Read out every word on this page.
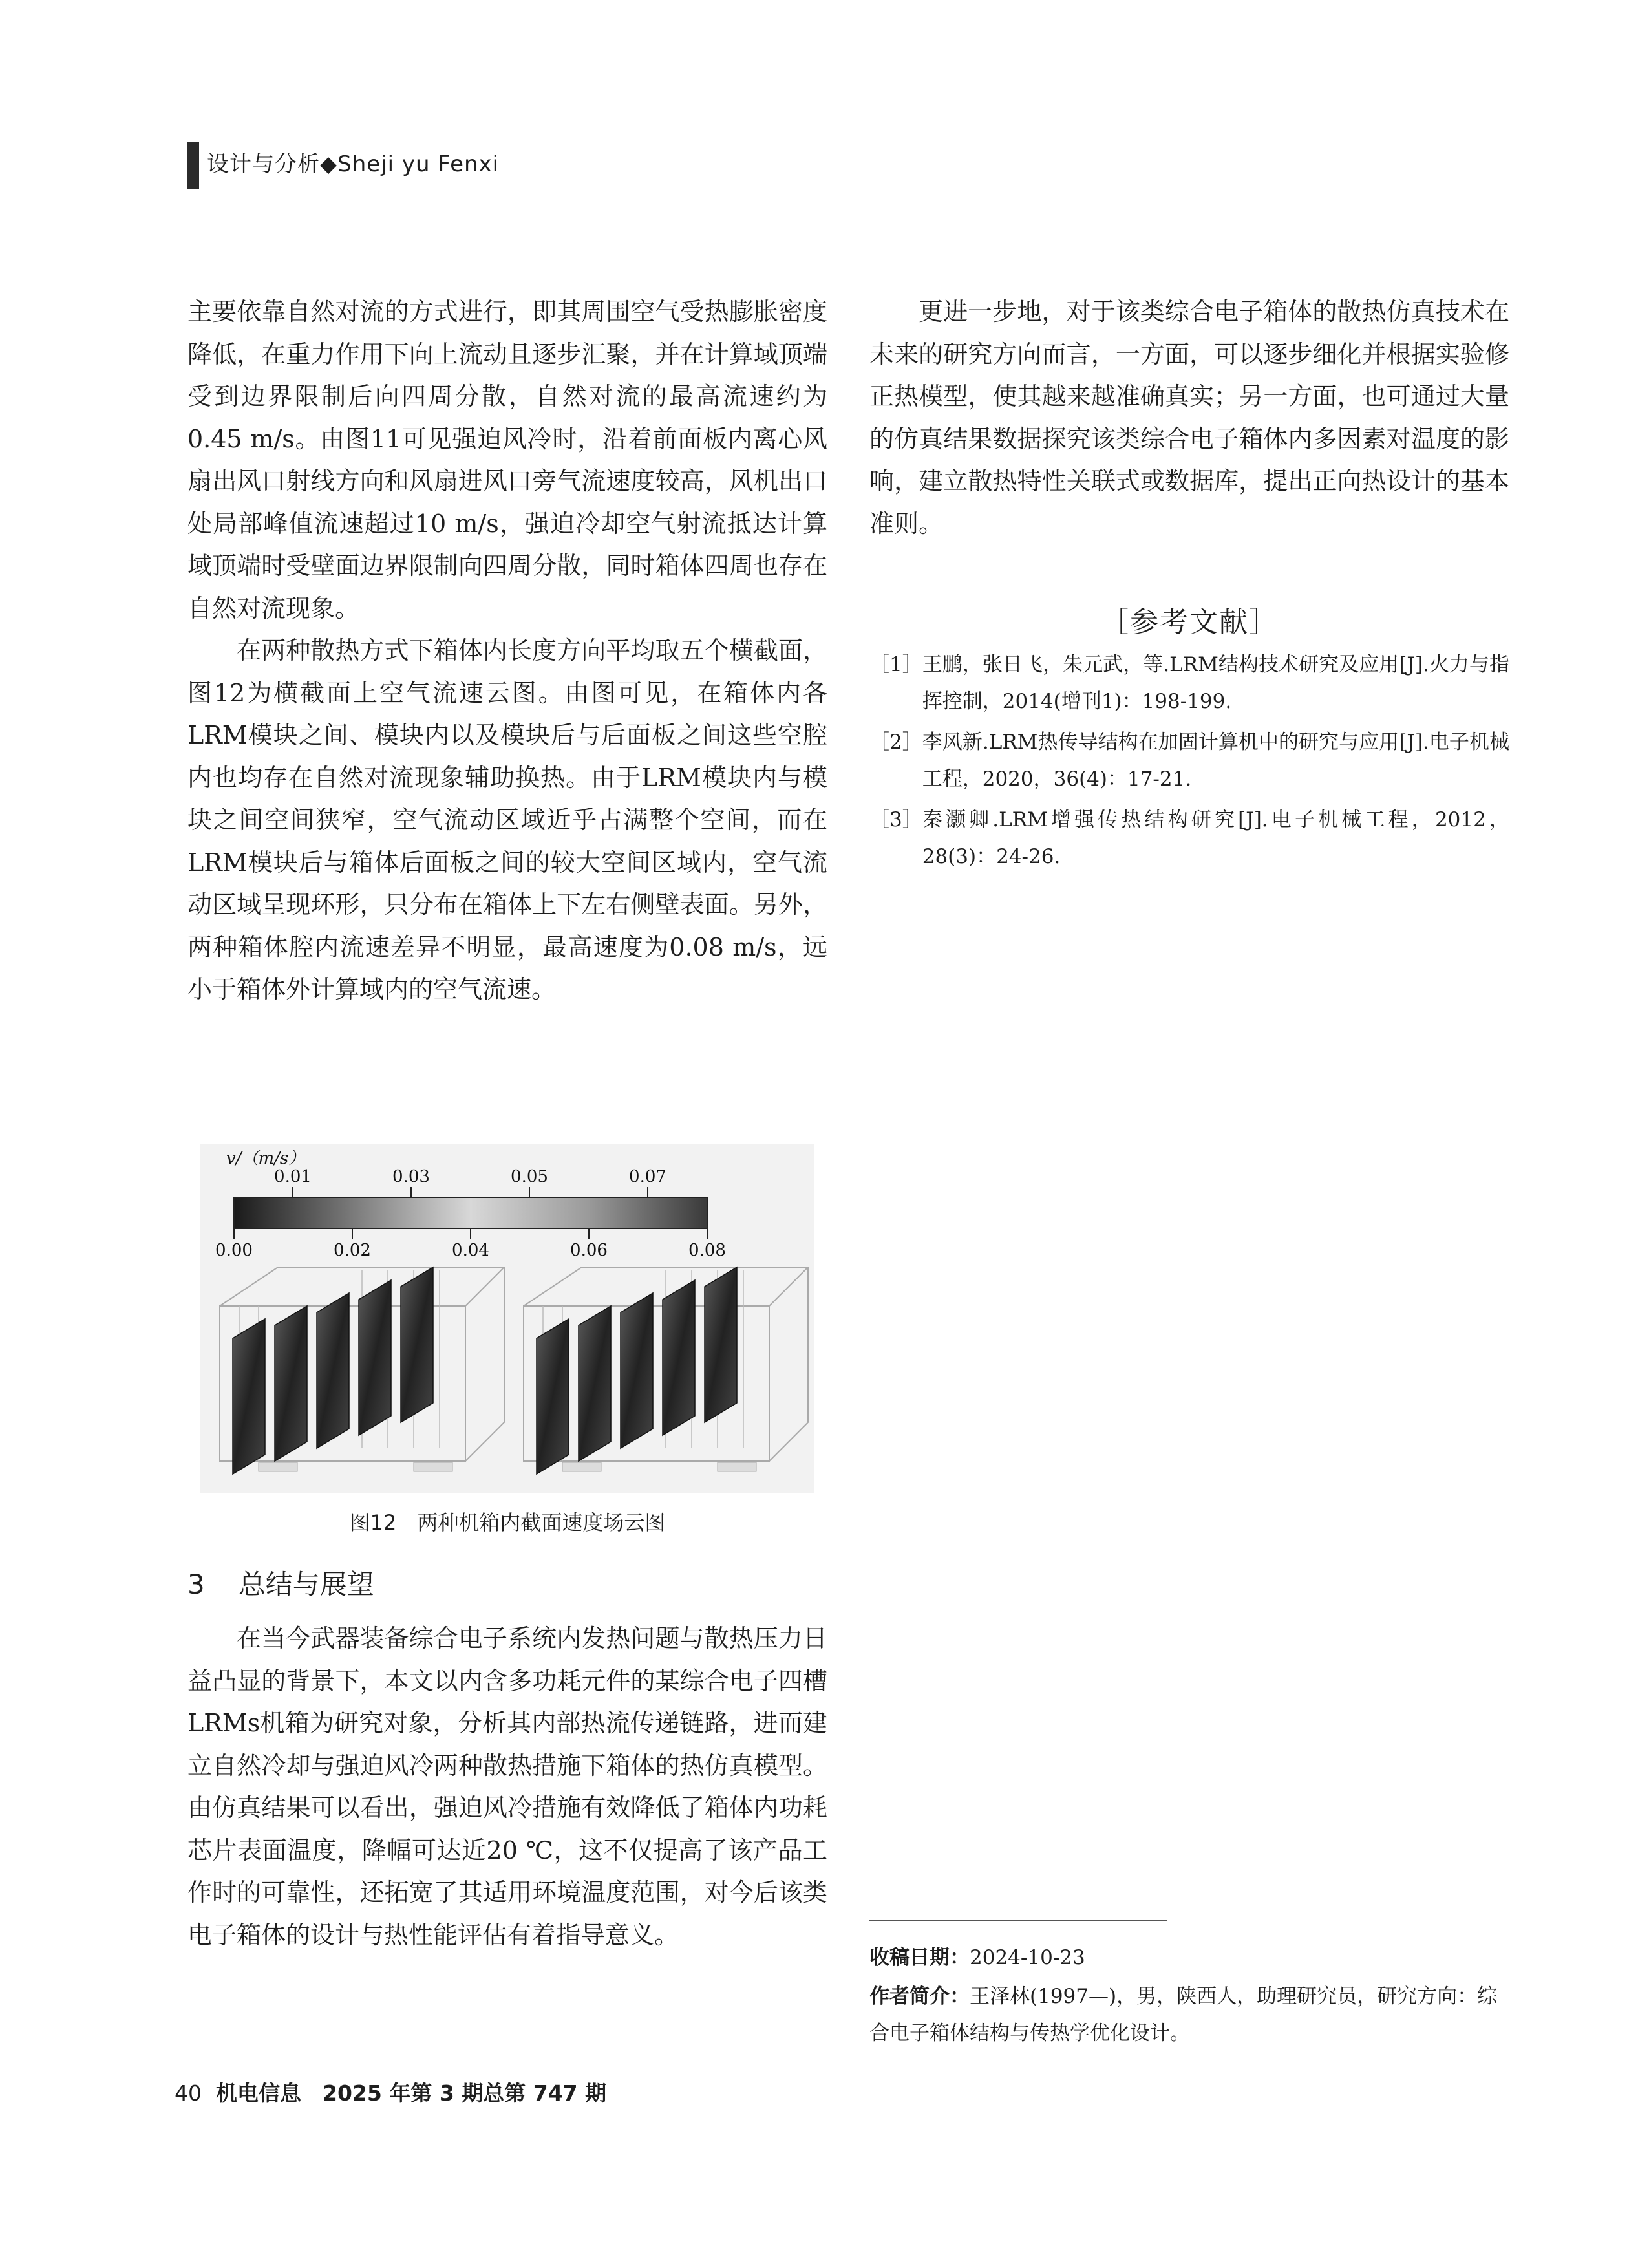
设计与分析◆Sheji yu Fenxi

主要依靠自然对流的方式进行，即其周围空气受热膨胀密度降低，在重力作用下向上流动且逐步汇聚，并在计算域顶端受到边界限制后向四周分散，自然对流的最高流速约为0.45 m/s。由图11可见强迫风冷时，沿着前面板内离心风扇出风口射线方向和风扇进风口旁气流速度较高，风机出口处局部峰值流速超过10 m/s，强迫冷却空气射流抵达计算域顶端时受壁面边界限制向四周分散，同时箱体四周也存在自然对流现象。

在两种散热方式下箱体内长度方向平均取五个横截面，图12为横截面上空气流速云图。由图可见，在箱体内各LRM模块之间、模块内以及模块后与后面板之间这些空腔内也均存在自然对流现象辅助换热。由于LRM模块内与模块之间空间狭窄，空气流动区域近乎占满整个空间，而在LRM模块后与箱体后面板之间的较大空间区域内，空气流动区域呈现环形，只分布在箱体上下左右侧壁表面。另外，两种箱体腔内流速差异不明显，最高速度为0.08 m/s，远小于箱体外计算域内的空气流速。

v/（m/s）
0.01	0.03	0.05	0.07
0.00	0.02	0.04	0.06	0.08
图12　两种机箱内截面速度场云图
3 总结与展望

在当今武器装备综合电子系统内发热问题与散热压力日益凸显的背景下，本文以内含多功耗元件的某综合电子四槽LRMs机箱为研究对象，分析其内部热流传递链路，进而建立自然冷却与强迫风冷两种散热措施下箱体的热仿真模型。由仿真结果可以看出，强迫风冷措施有效降低了箱体内功耗芯片表面温度，降幅可达近20 ℃，这不仅提高了该产品工作时的可靠性，还拓宽了其适用环境温度范围，对今后该类电子箱体的设计与热性能评估有着指导意义。

更进一步地，对于该类综合电子箱体的散热仿真技术在未来的研究方向而言，一方面，可以逐步细化并根据实验修正热模型，使其越来越准确真实；另一方面，也可通过大量的仿真结果数据探究该类综合电子箱体内多因素对温度的影响，建立散热特性关联式或数据库，提出正向热设计的基本准则。

［参考文献］
［1］ 王鹏，张日飞，朱元武，等.LRM结构技术研究及应用[J].火力与指挥控制，2014(增刊1)：198-199.
［2］ 李风新.LRM热传导结构在加固计算机中的研究与应用[J].电子机械工程，2020，36(4)：17-21.
［3］ 秦灏卿.LRM增强传热结构研究[J].电子机械工程，2012，28(3)：24-26.
收稿日期：2024-10-23
作者简介：王泽林(1997—)，男，陕西人，助理研究员，研究方向：综合电子箱体结构与传热学优化设计。
40 机电信息　 2025 年第 3 期总第 747 期
